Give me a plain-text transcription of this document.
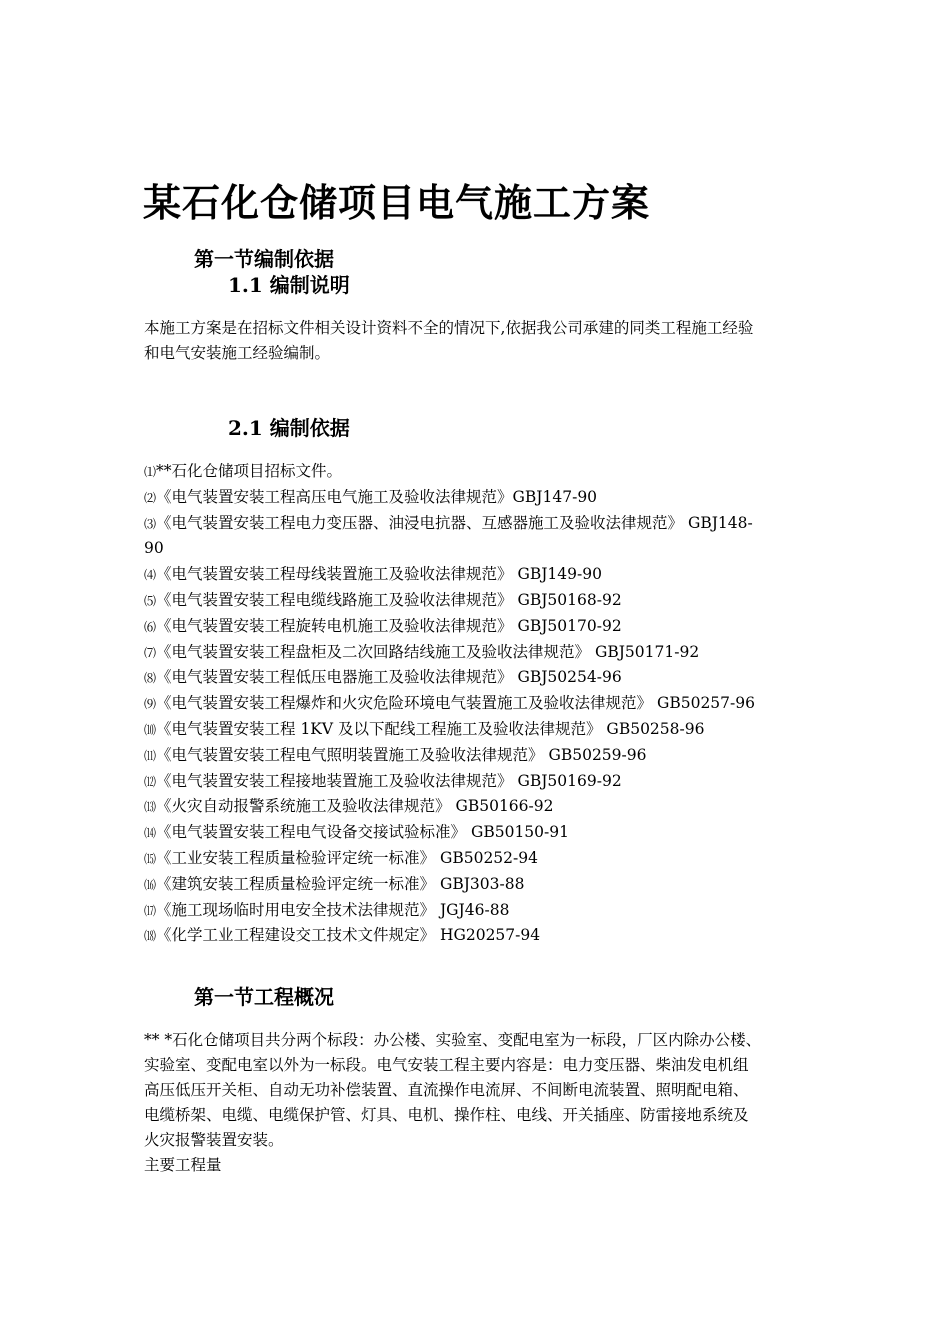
某石化仓储项目电气施工方案
第一节编制依据
1.1 编制说明

本施工方案是在招标文件相关设计资料不全的情况下,依据我公司承建的同类工程施工经验

和电气安装施工经验编制。

2.1 编制依据
⑴**石化仓储项目招标文件。
⑵《电气装置安装工程高压电气施工及验收法律规范》GBJ147-90
⑶《电气装置安装工程电力变压器、油浸电抗器、互感器施工及验收法律规范》 GBJ148-
90
⑷《电气装置安装工程母线装置施工及验收法律规范》 GBJ149-90
⑸《电气装置安装工程电缆线路施工及验收法律规范》 GBJ50168-92
⑹《电气装置安装工程旋转电机施工及验收法律规范》 GBJ50170-92
⑺《电气装置安装工程盘柜及二次回路结线施工及验收法律规范》 GBJ50171-92
⑻《电气装置安装工程低压电器施工及验收法律规范》 GBJ50254-96
⑼《电气装置安装工程爆炸和火灾危险环境电气装置施工及验收法律规范》 GB50257-96
⑽《电气装置安装工程 1KV 及以下配线工程施工及验收法律规范》 GB50258-96
⑾《电气装置安装工程电气照明装置施工及验收法律规范》 GB50259-96
⑿《电气装置安装工程接地装置施工及验收法律规范》 GBJ50169-92
⒀《火灾自动报警系统施工及验收法律规范》 GB50166-92
⒁《电气装置安装工程电气设备交接试验标准》 GB50150-91
⒂《工业安装工程质量检验评定统一标准》 GB50252-94
⒃《建筑安装工程质量检验评定统一标准》 GBJ303-88
⒄《施工现场临时用电安全技术法律规范》 JGJ46-88
⒅《化学工业工程建设交工技术文件规定》 HG20257-94
第一节工程概况

** *石化仓储项目共分两个标段：办公楼、实验室、变配电室为一标段，厂区内除办公楼、

实验室、变配电室以外为一标段。电气安装工程主要内容是：电力变压器、柴油发电机组

高压低压开关柜、自动无功补偿装置、直流操作电流屏、不间断电流装置、照明配电箱、

电缆桥架、电缆、电缆保护管、灯具、电机、操作柱、电线、开关插座、防雷接地系统及

火灾报警装置安装。

主要工程量
